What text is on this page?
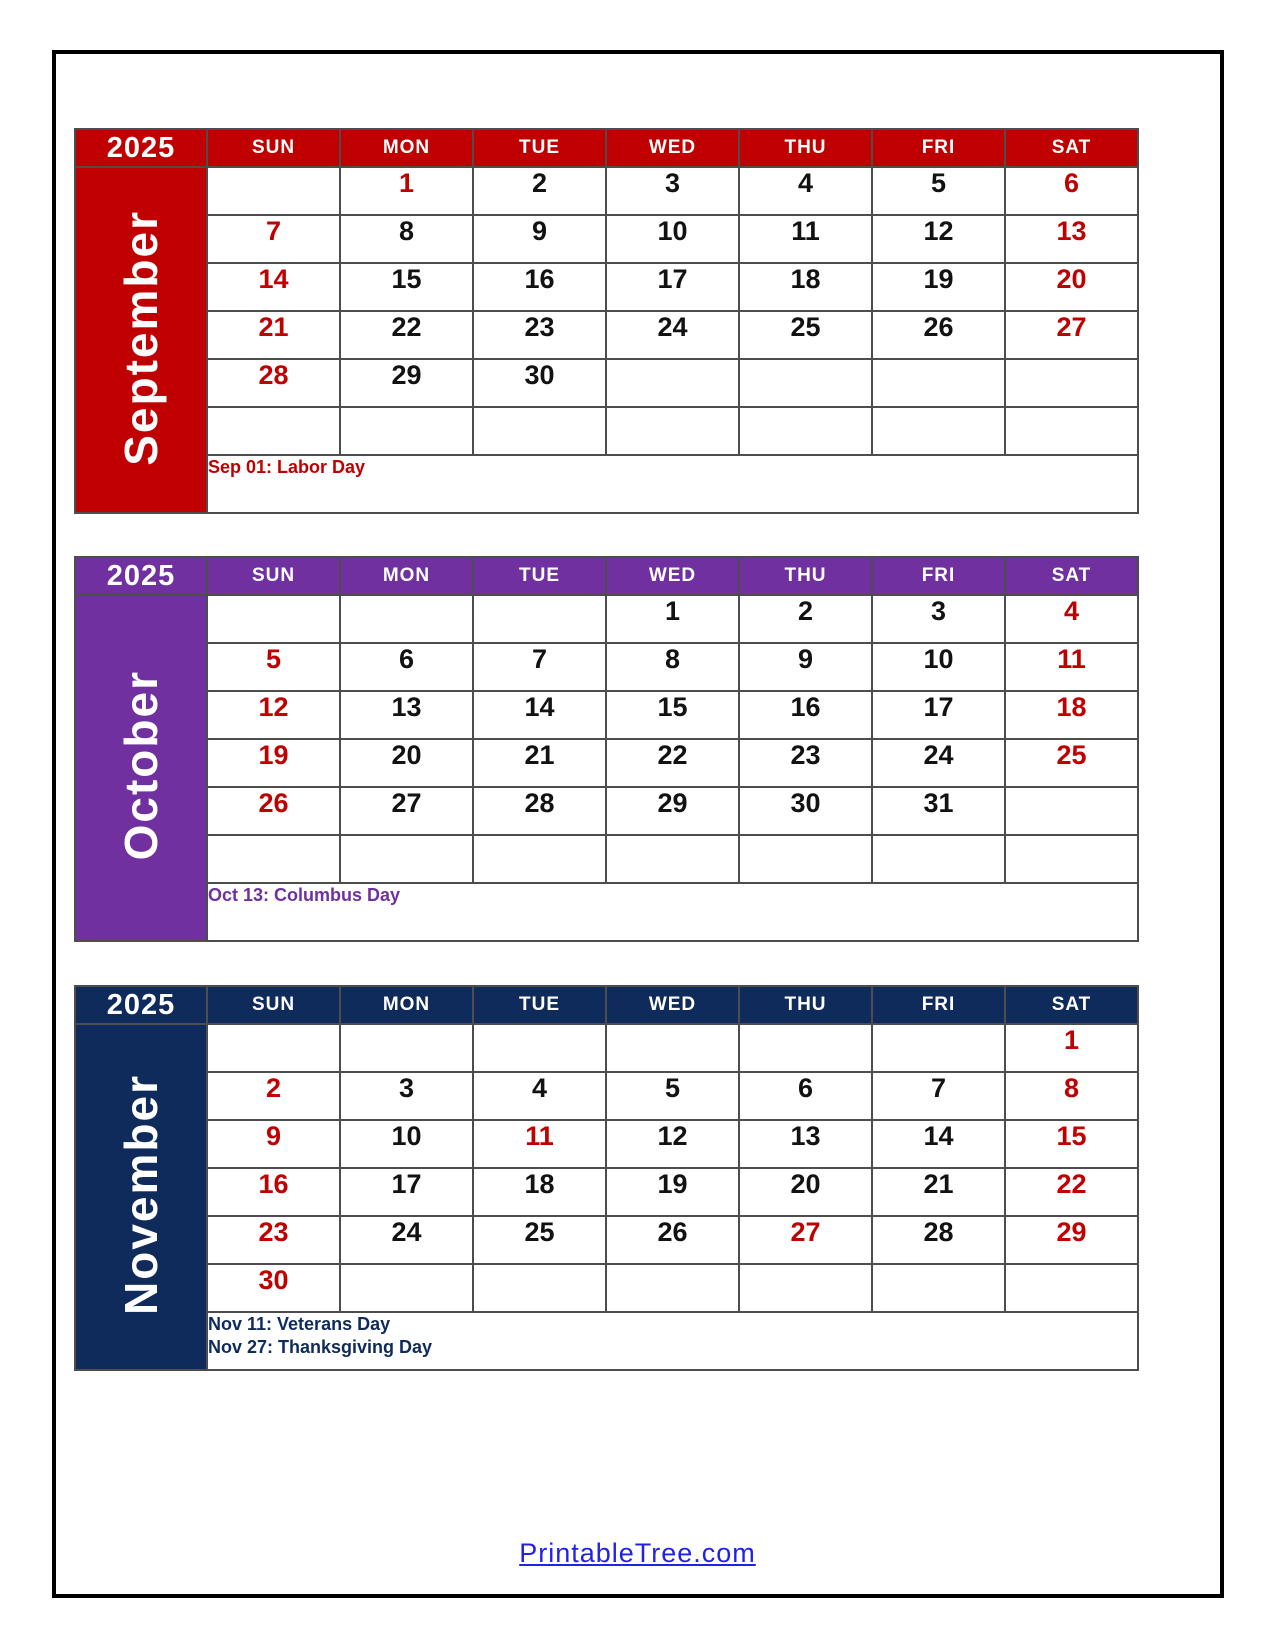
2025	SUN	MON	TUE	WED	THU	FRI	SAT
September		1	2	3	4	5	6
	7	8	9	10	11	12	13
	14	15	16	17	18	19	20
	21	22	23	24	25	26	27
	28	29	30				

	Sep 01: Labor Day						
2025	SUN	MON	TUE	WED	THU	FRI	SAT
October				1	2	3	4
	5	6	7	8	9	10	11
	12	13	14	15	16	17	18
	19	20	21	22	23	24	25
	26	27	28	29	30	31	

	Oct 13: Columbus Day						
2025	SUN	MON	TUE	WED	THU	FRI	SAT
November							1
	2	3	4	5	6	7	8
	9	10	11	12	13	14	15
	16	17	18	19	20	21	22
	23	24	25	26	27	28	29
	30						

	Nov 11: Veterans Day
Nov 27: Thanksgiving Day						
PrintableTree.com
